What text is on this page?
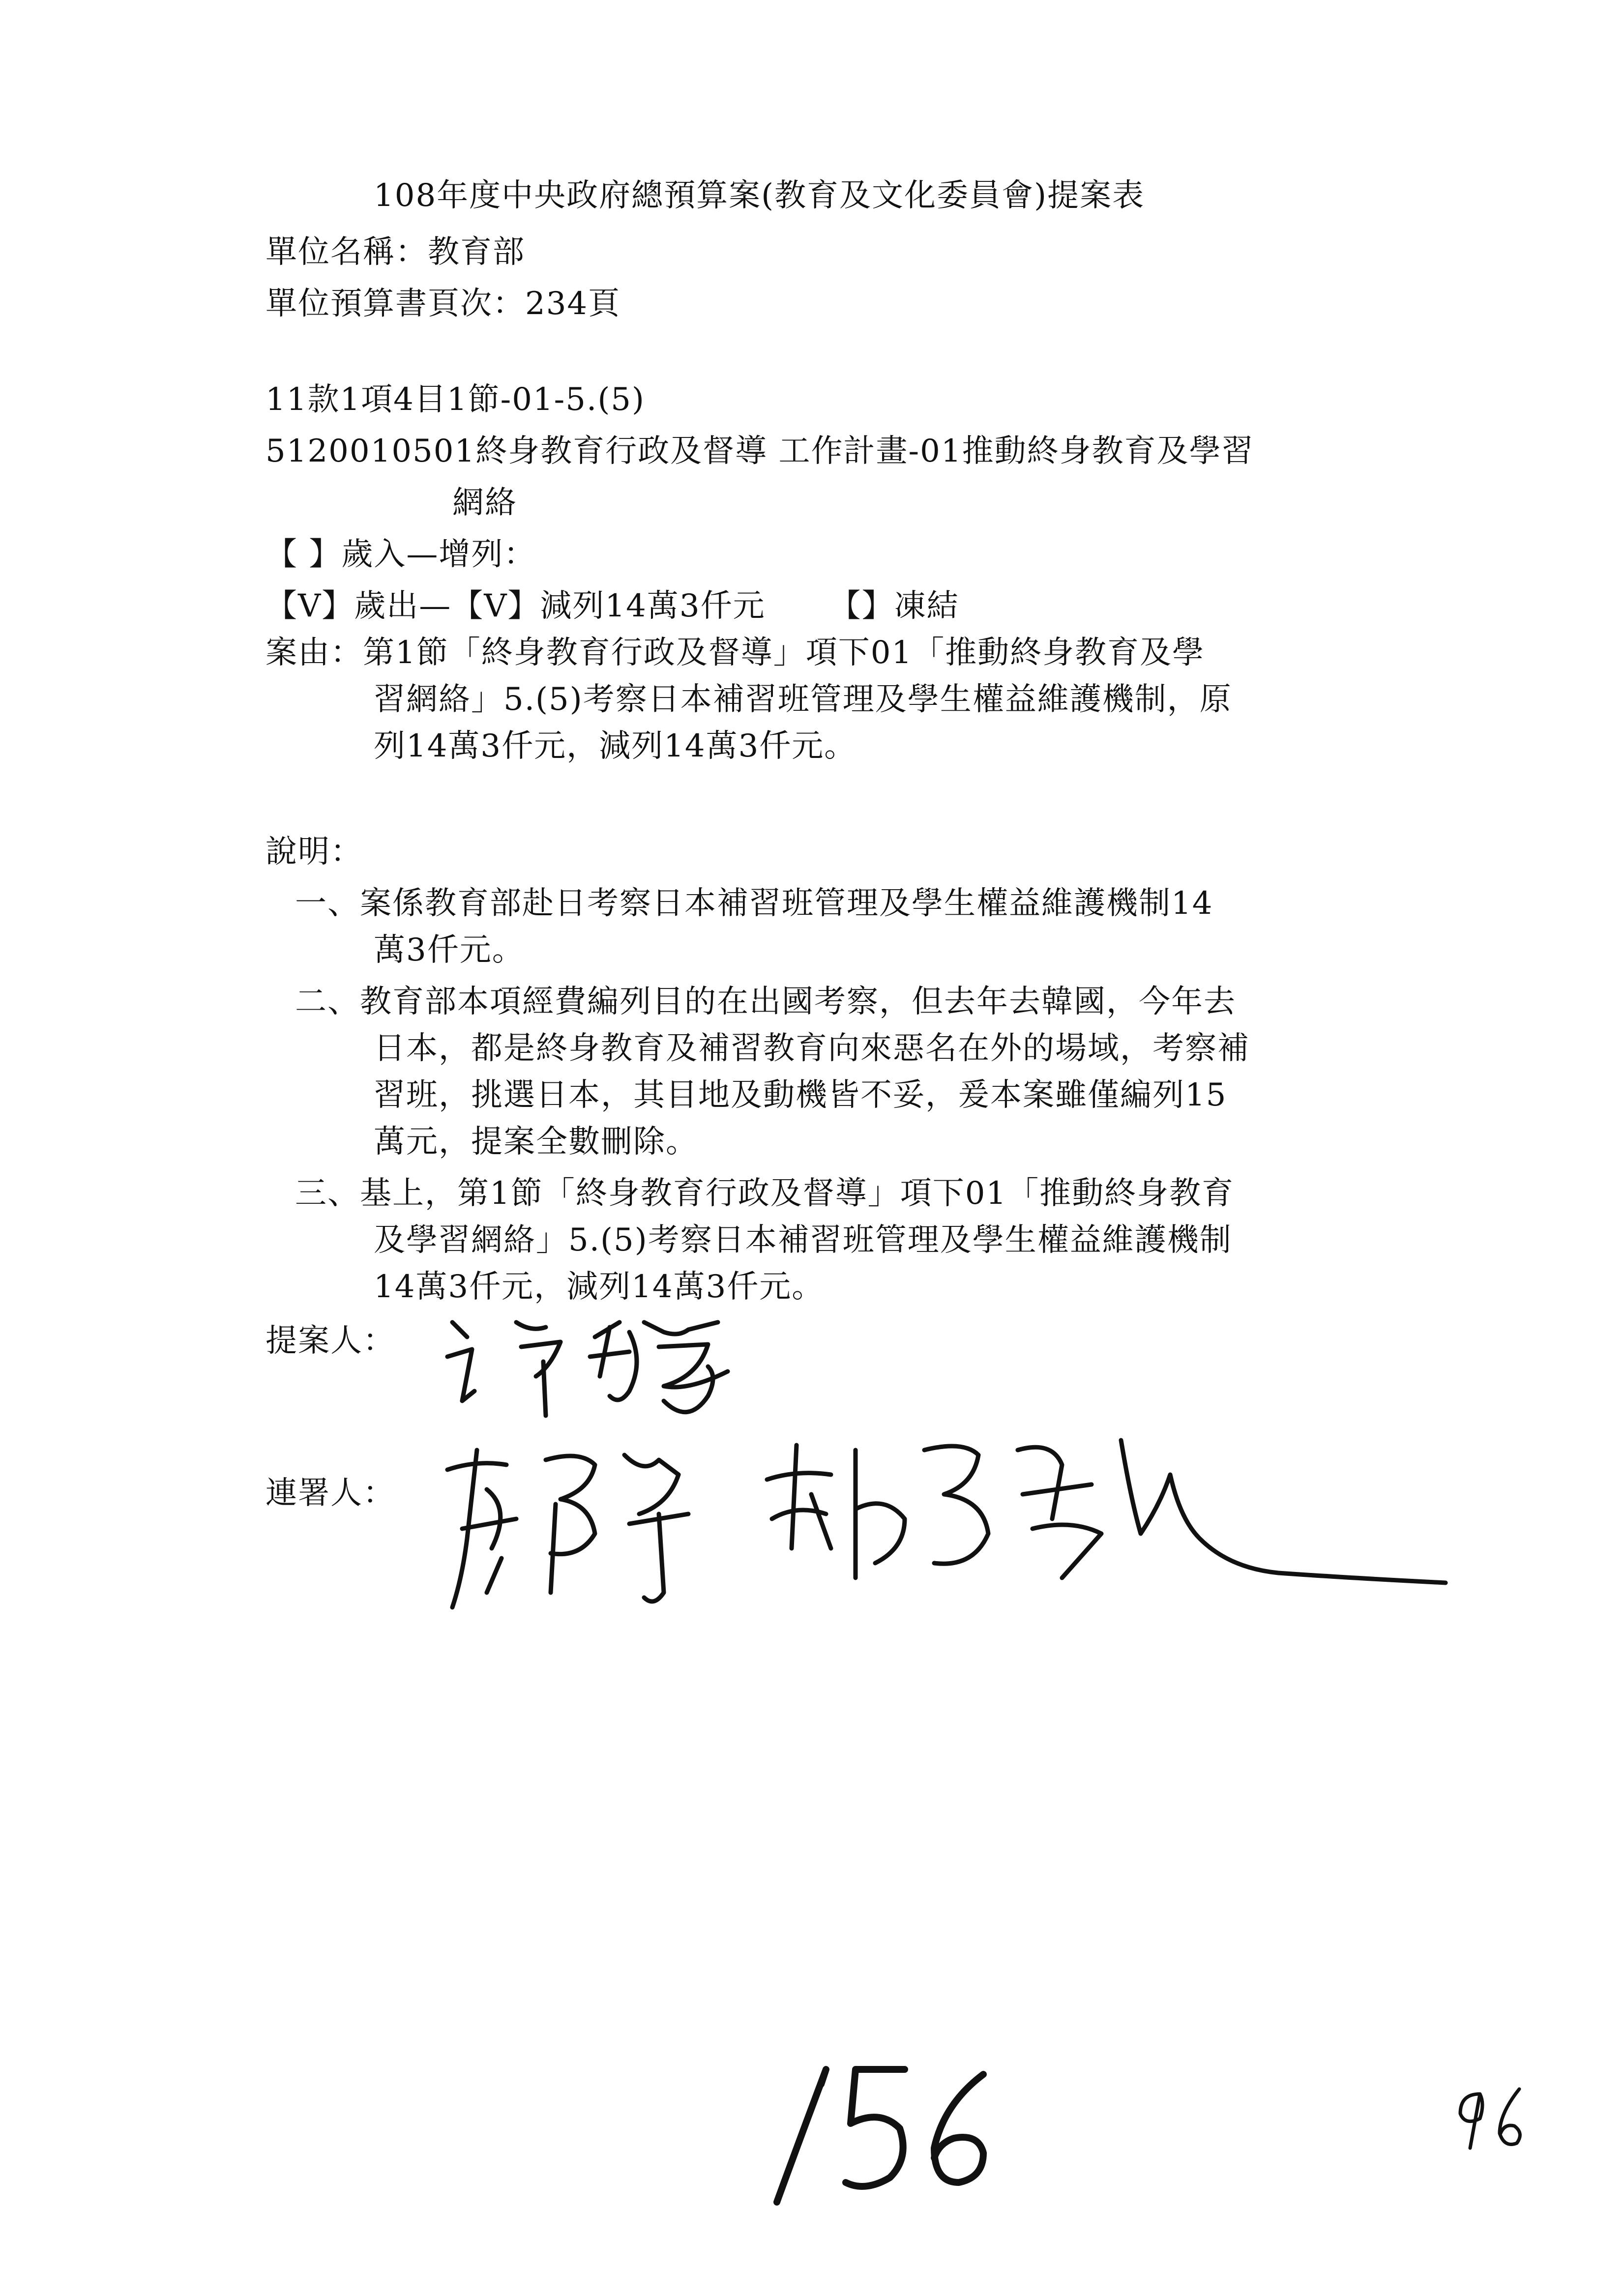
108年度中央政府總預算案(教育及文化委員會)提案表
單位名稱：教育部
單位預算書頁次：234頁
11款1項4目1節-01-5.(5)
5120010501終身教育行政及督導 工作計畫-01推動終身教育及學習
網絡
【 】歲入—增列：
【V】歲出—【V】減列14萬3仟元 【】凍結
案由：第1節「終身教育行政及督導」項下01「推動終身教育及學
習網絡」5.(5)考察日本補習班管理及學生權益維護機制，原
列14萬3仟元，減列14萬3仟元。
說明：
一、案係教育部赴日考察日本補習班管理及學生權益維護機制14
萬3仟元。
二、教育部本項經費編列目的在出國考察，但去年去韓國，今年去
日本，都是終身教育及補習教育向來惡名在外的場域，考察補
習班，挑選日本，其目地及動機皆不妥，爰本案雖僅編列15
萬元，提案全數刪除。
三、基上，第1節「終身教育行政及督導」項下01「推動終身教育
及學習網絡」5.(5)考察日本補習班管理及學生權益維護機制
14萬3仟元，減列14萬3仟元。
提案人：
連署人：
